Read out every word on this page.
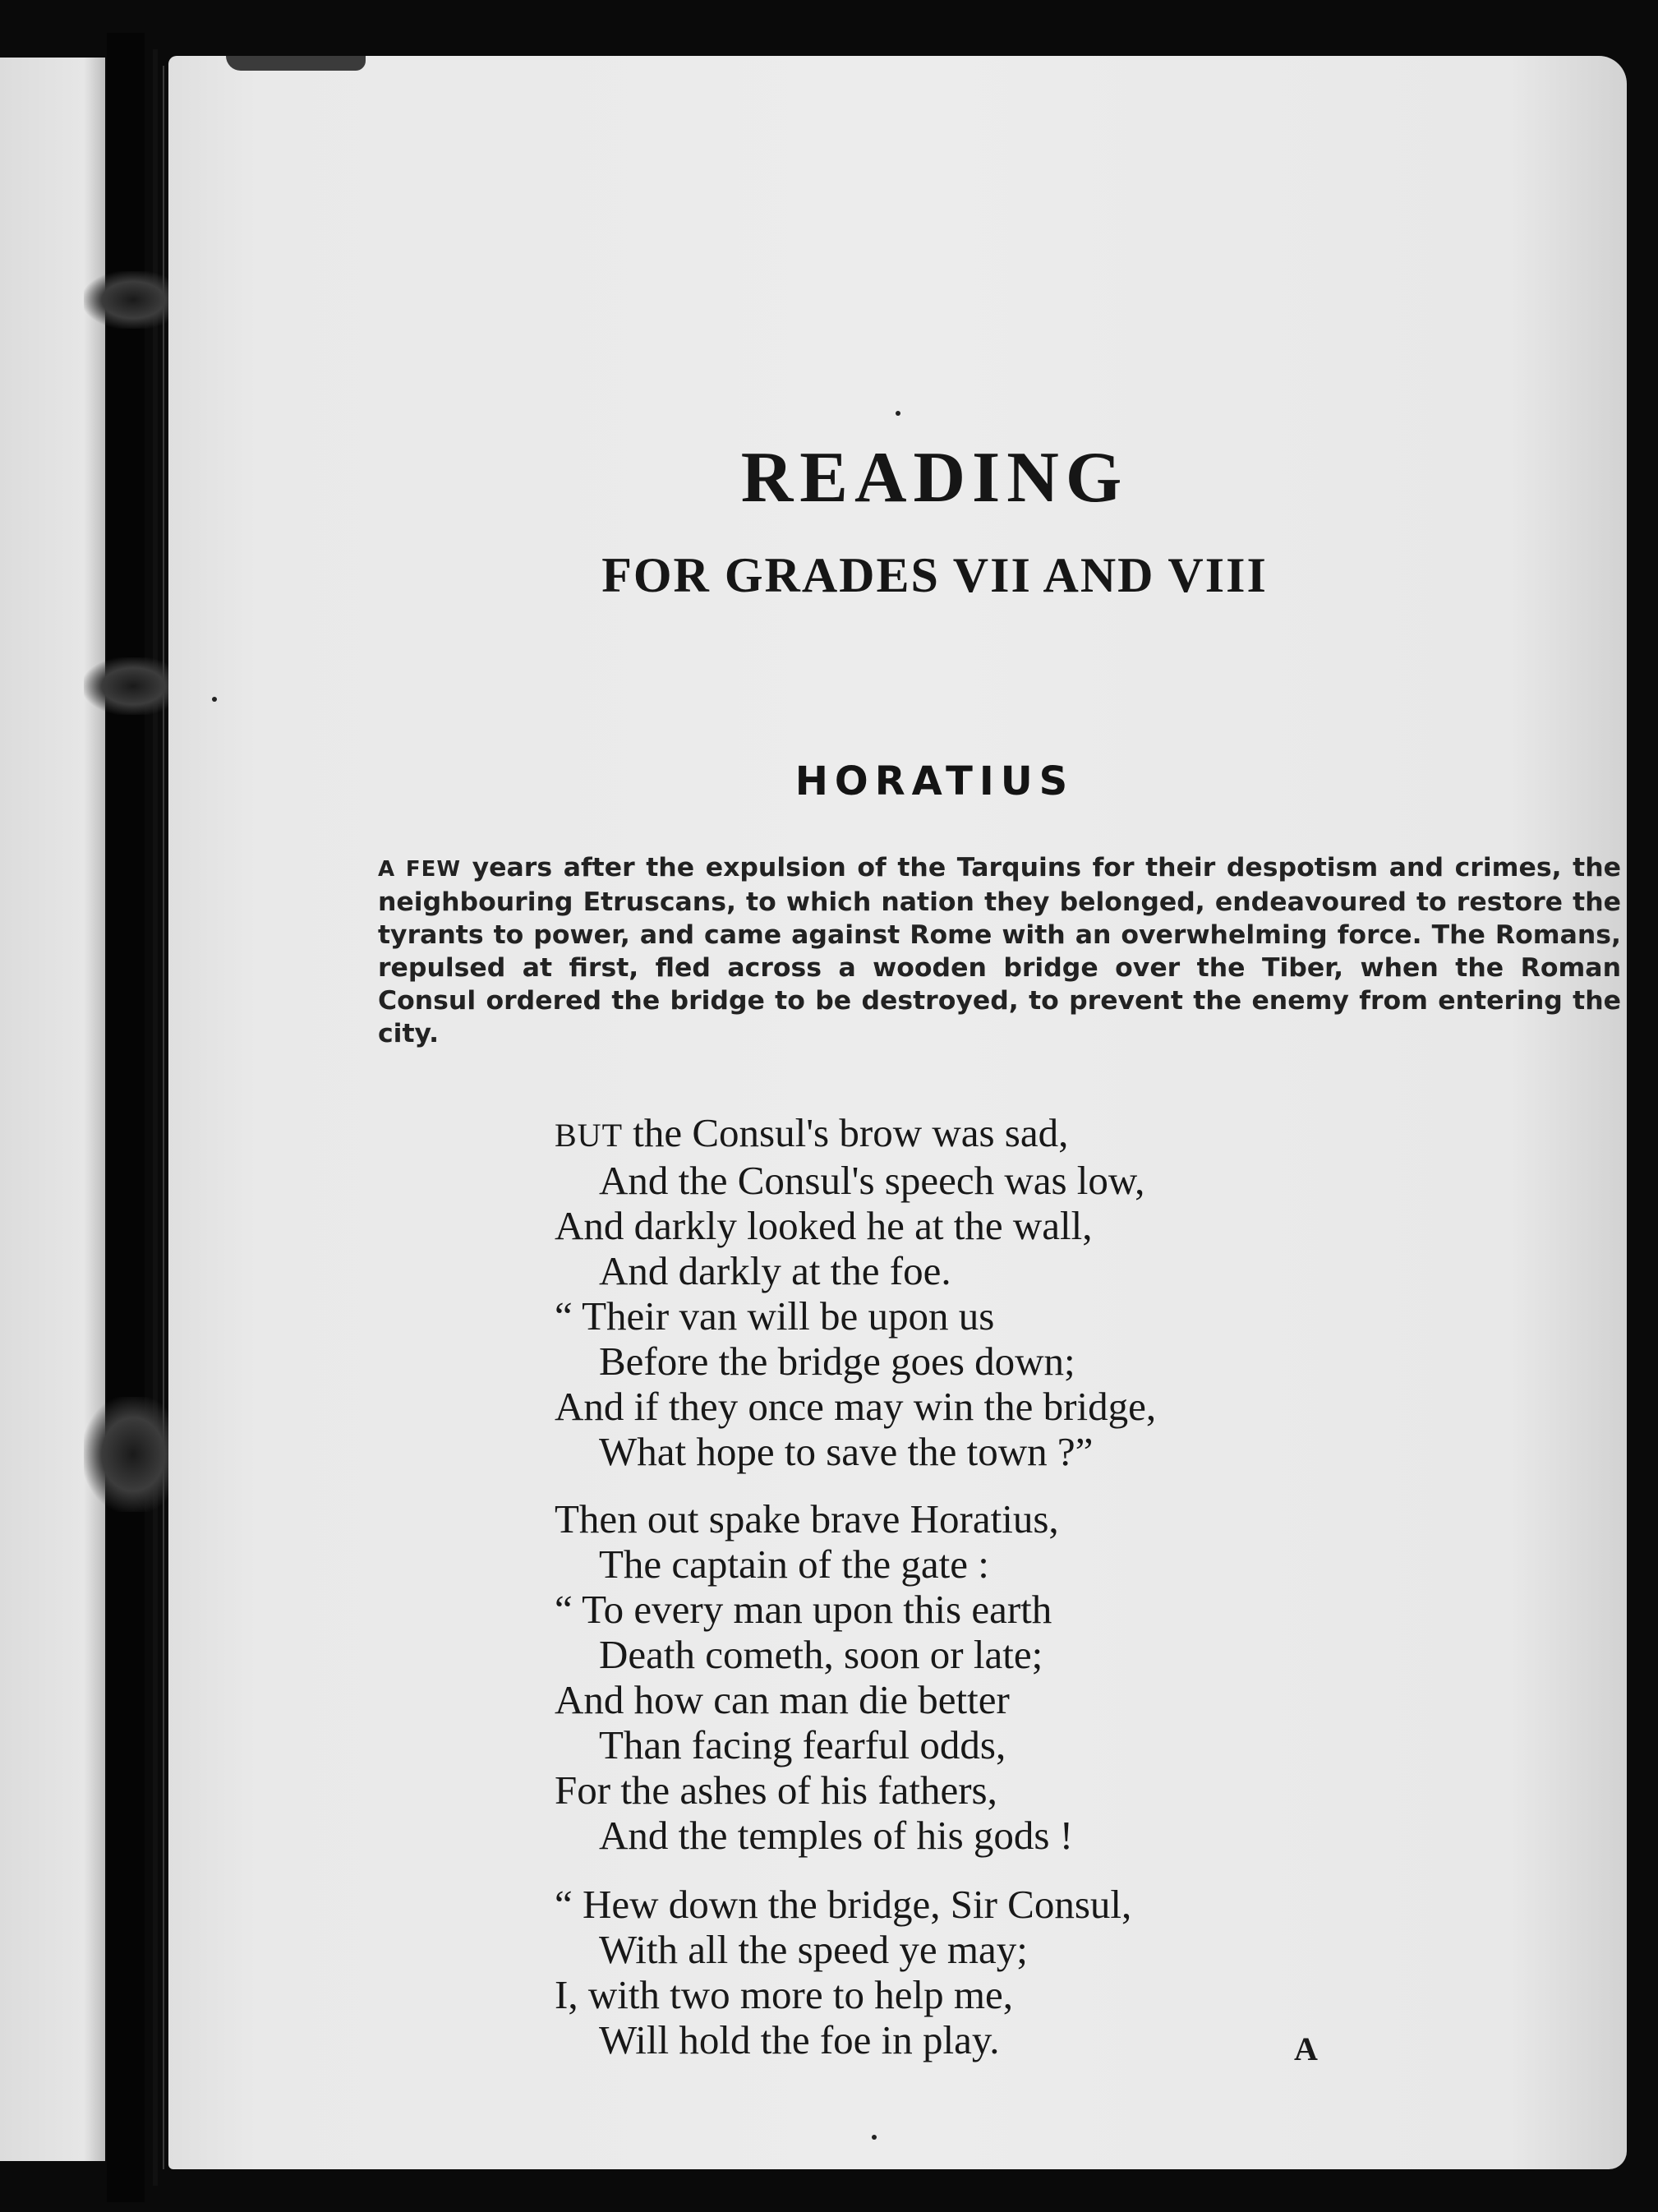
READING
FOR GRADES VII AND VIII
HORATIUS

A FEW years after the expulsion of the Tarquins for their despotism and crimes, the neighbouring Etruscans, to which nation they belonged, endeavoured to restore the tyrants to power, and came against Rome with an overwhelming force. The Romans, repulsed at first, fled across a wooden bridge over the Tiber, when the Roman Consul ordered the bridge to be destroyed, to prevent the enemy from entering the city.

BUT the Consul's brow was sad,
And the Consul's speech was low,
And darkly looked he at the wall,
And darkly at the foe.
“ Their van will be upon us
Before the bridge goes down;
And if they once may win the bridge,
What hope to save the town ?”
Then out spake brave Horatius,
The captain of the gate :
“ To every man upon this earth
Death cometh, soon or late;
And how can man die better
Than facing fearful odds,
For the ashes of his fathers,
And the temples of his gods !
“ Hew down the bridge, Sir Consul,
With all the speed ye may;
I, with two more to help me,
Will hold the foe in play.	A
